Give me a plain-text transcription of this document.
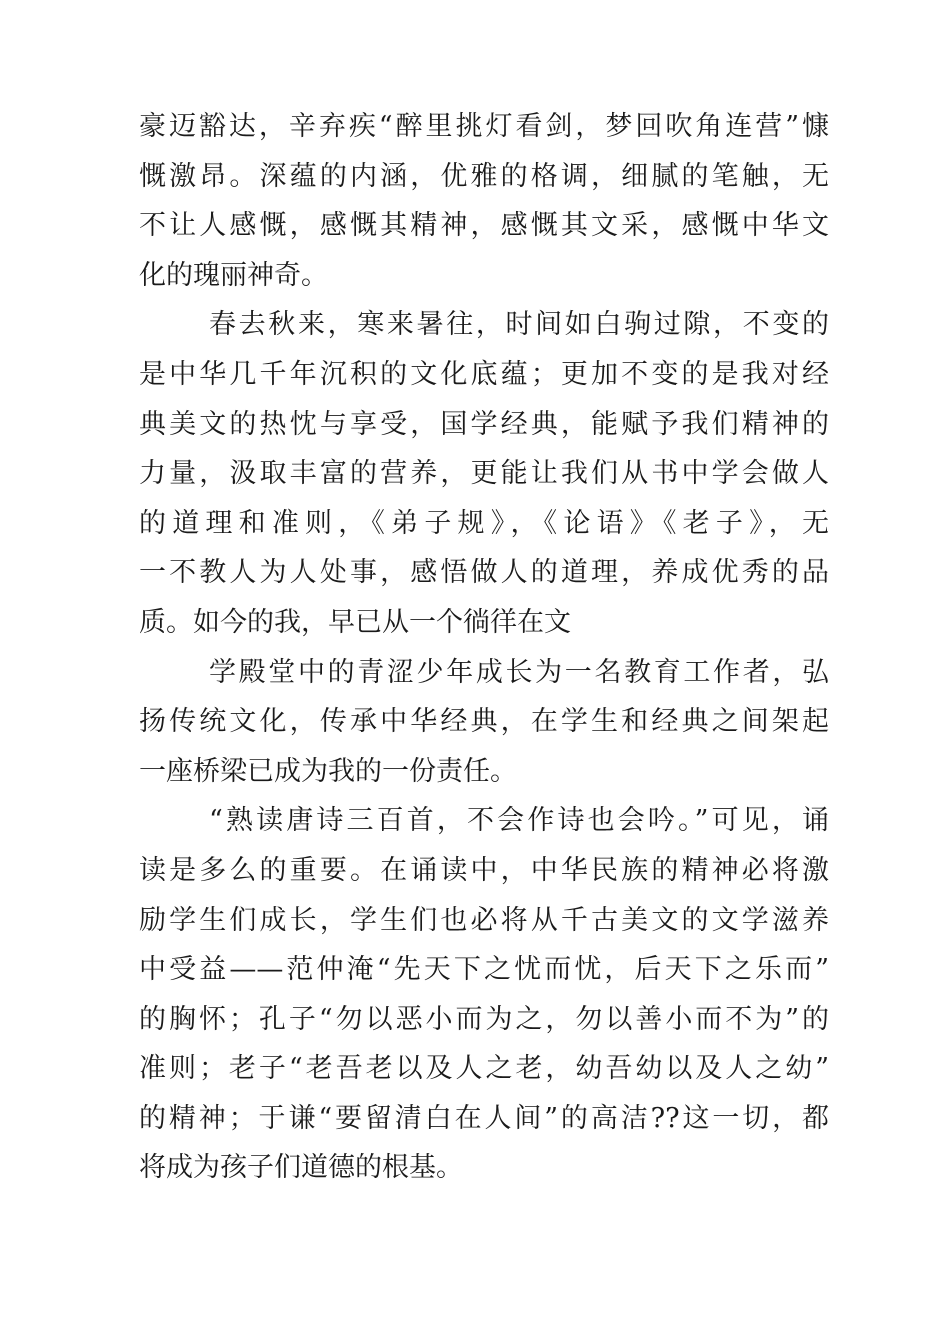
豪迈豁达，辛弃疾“醉里挑灯看剑，梦回吹角连营”慷
慨激昂。深蕴的内涵，优雅的格调，细腻的笔触，无
不让人感慨，感慨其精神，感慨其文采，感慨中华文
化的瑰丽神奇。
春去秋来，寒来暑往，时间如白驹过隙，不变的
是中华几千年沉积的文化底蕴；更加不变的是我对经
典美文的热忱与享受，国学经典，能赋予我们精神的
力量，汲取丰富的营养，更能让我们从书中学会做人
的道理和准则，《弟子规》，《论语》《老子》，无
一不教人为人处事，感悟做人的道理，养成优秀的品
质。如今的我，早已从一个徜徉在文
学殿堂中的青涩少年成长为一名教育工作者，弘
扬传统文化，传承中华经典，在学生和经典之间架起
一座桥梁已成为我的一份责任。
“熟读唐诗三百首，不会作诗也会吟。”可见，诵
读是多么的重要。在诵读中，中华民族的精神必将激
励学生们成长，学生们也必将从千古美文的文学滋养
中受益——范仲淹“先天下之忧而忧，后天下之乐而”
的胸怀；孔子“勿以恶小而为之，勿以善小而不为”的
准则；老子“老吾老以及人之老，幼吾幼以及人之幼”
的精神；于谦“要留清白在人间”的高洁??这一切，都
将成为孩子们道德的根基。
